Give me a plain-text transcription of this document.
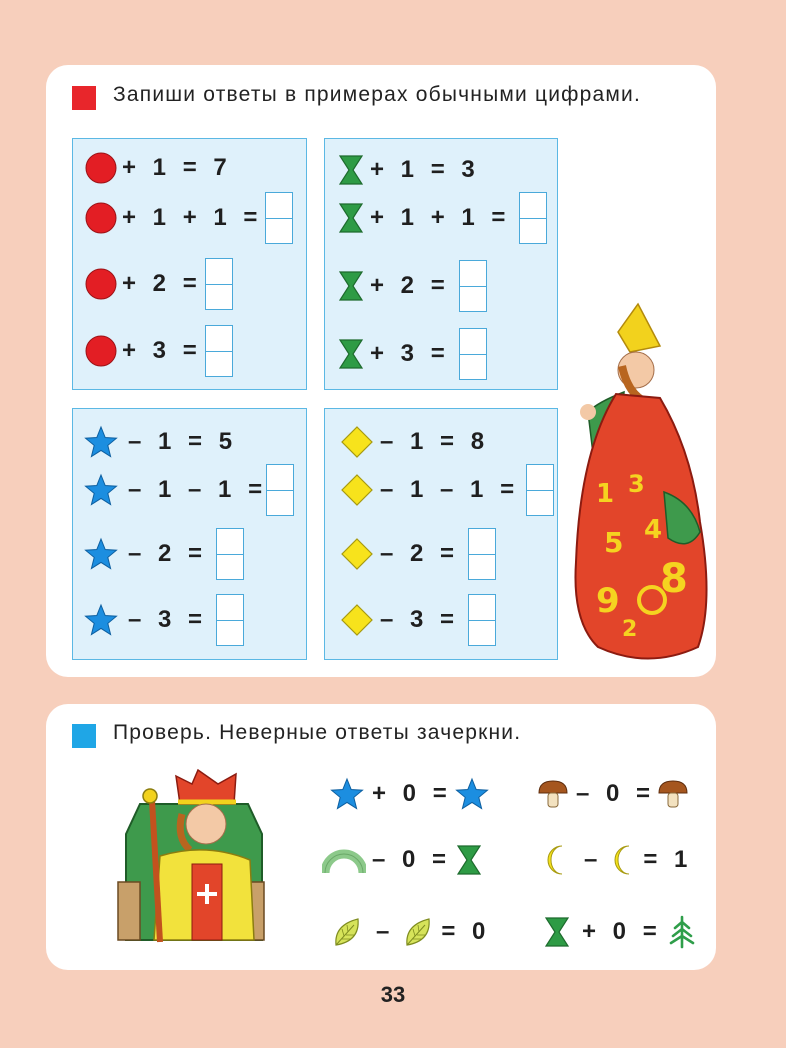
Запиши ответы в примерах обычными цифрами.
+ 1 = 7
+ 1 + 1 =
+ 2 =
+ 3 =
+ 1 = 3
+ 1 + 1 =
+ 2 =
+ 3 =
– 1 = 5
– 1 – 1 =
– 2 =
– 3 =
– 1 = 8
– 1 – 1 =
– 2 =
– 3 =
1 3
5 4
8
9
2
Проверь. Неверные ответы зачеркни.
+ 0 =	– 0 =
– 0 =	– = 1
– = 0	+ 0 =
33
